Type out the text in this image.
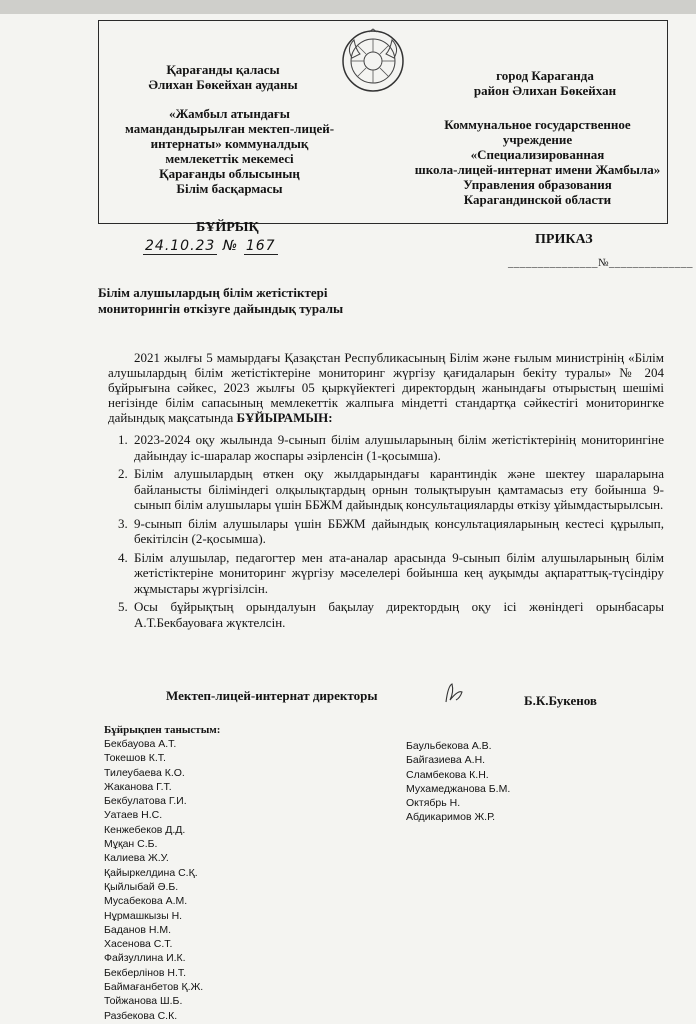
Қарағанды қаласы
Әлихан Бөкейхан ауданы
«Жамбыл атындағы
мамандандырылған мектеп-лицей-
интернаты» коммуналдық
мемлекеттік мекемесі
Қарағанды облысының
Білім басқармасы
город Караганда
район Әлихан Бөкейхан
Коммунальное государственное
учреждение
«Специализированная
школа-лицей-интернат имени Жамбыла»
Управления образования
Карагандинской области
БҰЙРЫҚ
24.10.23 № 167	ПРИКАЗ
_______________№______________
Білім алушылардың білім жетістіктері
мониторингін өткізуге дайындық туралы

2021 жылғы 5 мамырдағы Қазақстан Республикасының Білім және ғылым министрінің «Білім алушылардың білім жетістіктеріне мониторинг жүргізу қағидаларын бекіту туралы» № 204 бұйрығына сәйкес, 2023 жылғы 05 қыркүйектегі директордың жанындағы отырыстың шешімі негізінде білім сапасының мемлекеттік жалпыға міндетті стандартқа сәйкестігі мониторингке дайындық мақсатында БҰЙЫРАМЫН:

1. 2023-2024 оқу жылында 9-сынып білім алушыларының білім жетістіктерінің мониторингіне дайындау іс-шаралар жоспары әзірленсін (1-қосымша).
2. Білім алушылардың өткен оқу жылдарындағы карантиндік және шектеу шараларына байланысты біліміндегі олқылықтардың орнын толықтыруын қамтамасыз ету бойынша 9-сынып білім алушылары үшін ББЖМ дайындық консультацияларды өткізу ұйымдастырылсын.
3. 9-сынып білім алушылары үшін ББЖМ дайындық консультацияларының кестесі құрылып, бекітілсін (2-қосымша).
4. Білім алушылар, педагогтер мен ата-аналар арасында 9-сынып білім алушыларының білім жетістіктеріне мониторинг жүргізу мәселелері бойынша кең ауқымды ақпараттық-түсіндіру жұмыстары жүргізілсін.
5. Осы бұйрықтың орындалуын бақылау директордың оқу ісі жөніндегі орынбасары А.Т.Бекбауоваға жүктелсін.
Мектеп-лицей-интернат директоры	Б.К.Букенов
Бұйрықпен таныстым:
Бекбауова А.Т.
Токешов К.Т.
Тилеубаева К.О.
Жаканова Г.Т.
Бекбулатова Г.И.
Уатаев Н.С.
Кенжебеков Д.Д.
Мұқан С.Б.
Калиева Ж.У.
Қайыркелдина С.Қ.
Қыйлыбай Ә.Б.
Мусабекова А.М.
Нұрмашкызы Н.
Баданов Н.М.
Хасенова С.Т.
Файзуллина И.К.
Бекберлінов Н.Т.
Баймағанбетов Қ.Ж.
Тойжанова Ш.Б.
Разбекова С.К.
Баульбекова А.В.
Байгазиева А.Н.
Сламбекова К.Н.
Мухамеджанова Б.М.
Октябрь Н.
Абдикаримов Ж.Р.
